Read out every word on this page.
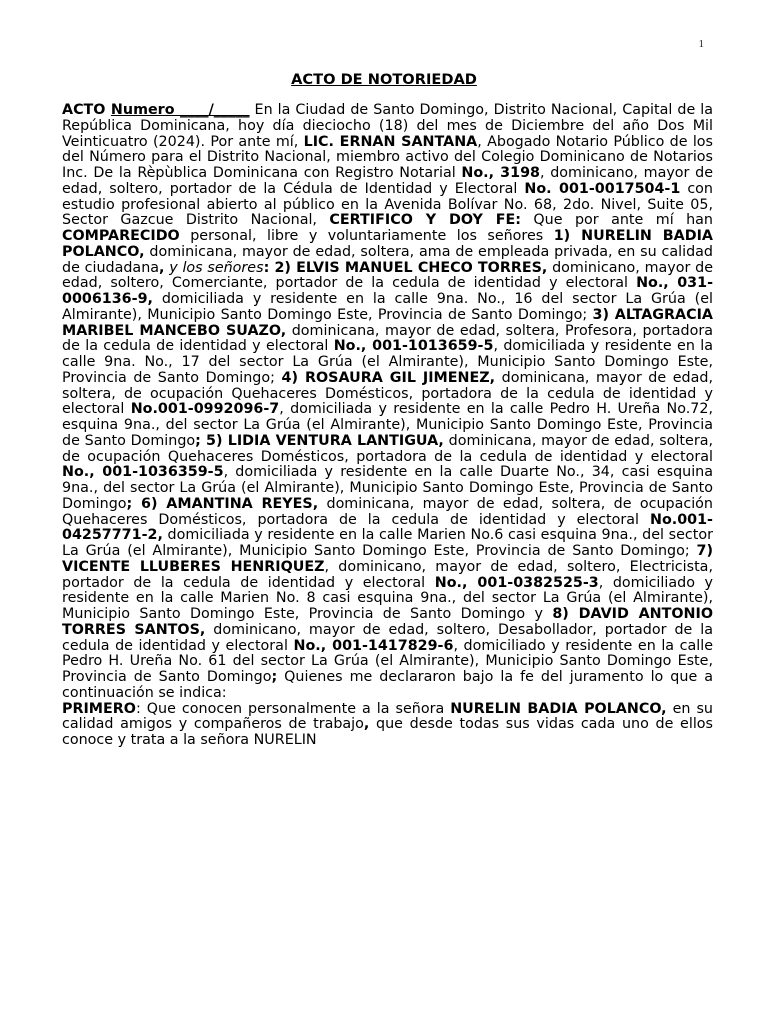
1
ACTO DE NOTORIEDAD

ACTO Numero ____/_____ En la Ciudad de Santo Domingo, Distrito Nacional, Capital de la República Dominicana, hoy día dieciocho (18) del mes de Diciembre del año Dos Mil Veinticuatro (2024). Por ante mí, LIC. ERNAN SANTANA, Abogado Notario Público de los del Número para el Distrito Nacional, miembro activo del Colegio Dominicano de Notarios Inc. De la Rèpùblica Dominicana con Registro Notarial No., 3198, dominicano, mayor de edad, soltero, portador de la Cédula de Identidad y Electoral No. 001-0017504-1 con estudio profesional abierto al público en la Avenida Bolívar No. 68, 2do. Nivel, Suite 05, Sector Gazcue Distrito Nacional, CERTIFICO Y DOY FE: Que por ante mí han COMPARECIDO personal, libre y voluntariamente los señores 1) NURELIN BADIA POLANCO, dominicana, mayor de edad, soltera, ama de empleada privada, en su calidad de ciudadana, y los señores: 2) ELVIS MANUEL CHECO TORRES, dominicano, mayor de edad, soltero, Comerciante, portador de la cedula de identidad y electoral No., 031-0006136-9, domiciliada y residente en la calle 9na. No., 16 del sector La Grúa (el Almirante), Municipio Santo Domingo Este, Provincia de Santo Domingo; 3) ALTAGRACIA MARIBEL MANCEBO SUAZO, dominicana, mayor de edad, soltera, Profesora, portadora de la cedula de identidad y electoral No., 001-1013659-5, domiciliada y residente en la calle 9na. No., 17 del sector La Grúa (el Almirante), Municipio Santo Domingo Este, Provincia de Santo Domingo; 4) ROSAURA GIL JIMENEZ, dominicana, mayor de edad, soltera, de ocupación Quehaceres Domésticos, portadora de la cedula de identidad y electoral No.001-0992096-7, domiciliada y residente en la calle Pedro H. Ureña No.72, esquina 9na., del sector La Grúa (el Almirante), Municipio Santo Domingo Este, Provincia de Santo Domingo; 5) LIDIA VENTURA LANTIGUA, dominicana, mayor de edad, soltera, de ocupación Quehaceres Domésticos, portadora de la cedula de identidad y electoral No., 001-1036359-5, domiciliada y residente en la calle Duarte No., 34, casi esquina 9na., del sector La Grúa (el Almirante), Municipio Santo Domingo Este, Provincia de Santo Domingo; 6) AMANTINA REYES, dominicana, mayor de edad, soltera, de ocupación Quehaceres Domésticos, portadora de la cedula de identidad y electoral No.001-04257771-2, domiciliada y residente en la calle Marien No.6 casi esquina 9na., del sector La Grúa (el Almirante), Municipio Santo Domingo Este, Provincia de Santo Domingo; 7) VICENTE LLUBERES HENRIQUEZ, dominicano, mayor de edad, soltero, Electricista, portador de la cedula de identidad y electoral No., 001-0382525-3, domiciliado y residente en la calle Marien No. 8 casi esquina 9na., del sector La Grúa (el Almirante), Municipio Santo Domingo Este, Provincia de Santo Domingo y 8) DAVID ANTONIO TORRES SANTOS, dominicano, mayor de edad, soltero, Desabollador, portador de la cedula de identidad y electoral No., 001-1417829-6, domiciliado y residente en la calle Pedro H. Ureña No. 61 del sector La Grúa (el Almirante), Municipio Santo Domingo Este, Provincia de Santo Domingo; Quienes me declararon bajo la fe del juramento lo que a continuación se indica:

PRIMERO: Que conocen personalmente a la señora NURELIN BADIA POLANCO, en su calidad amigos y compañeros de trabajo, que desde todas sus vidas cada uno de ellos conoce y trata a la señora NURELIN
